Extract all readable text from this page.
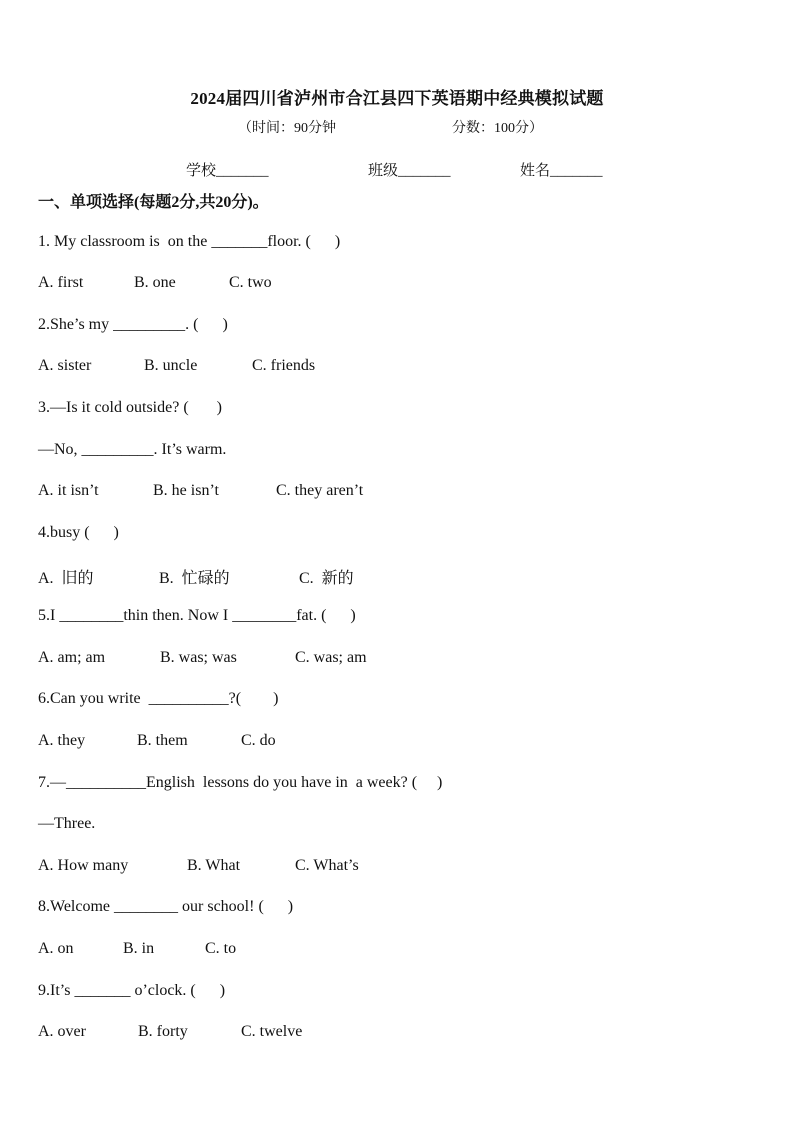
2024届四川省泸州市合江县四下英语期中经典模拟试题
（时间：90分钟	分数：100分）
学校_______	班级_______	姓名_______
一、单项选择(每题2分,共20分)。
1. My classroom is  on the _______floor. (      )
A. first	B. one	C. two
2.She’s my _________. (      )
A. sister	B. uncle	C. friends
3.—Is it cold outside? (       )
—No, _________. It’s warm.
A. it isn’t	B. he isn’t	C. they aren’t
4.busy (      )
A.  旧的	B.  忙碌的	C.  新的
5.I ________thin then. Now I ________fat. (      )
A. am; am	B. was; was	C. was; am
6.Can you write  __________?(        )
A. they	B. them	C. do
7.—__________English  lessons do you have in  a week? (     )
—Three.
A. How many	B. What	C. What’s
8.Welcome ________ our school! (      )
A. on	B. in	C. to
9.It’s _______ o’clock. (      )
A. over	B. forty	C. twelve
